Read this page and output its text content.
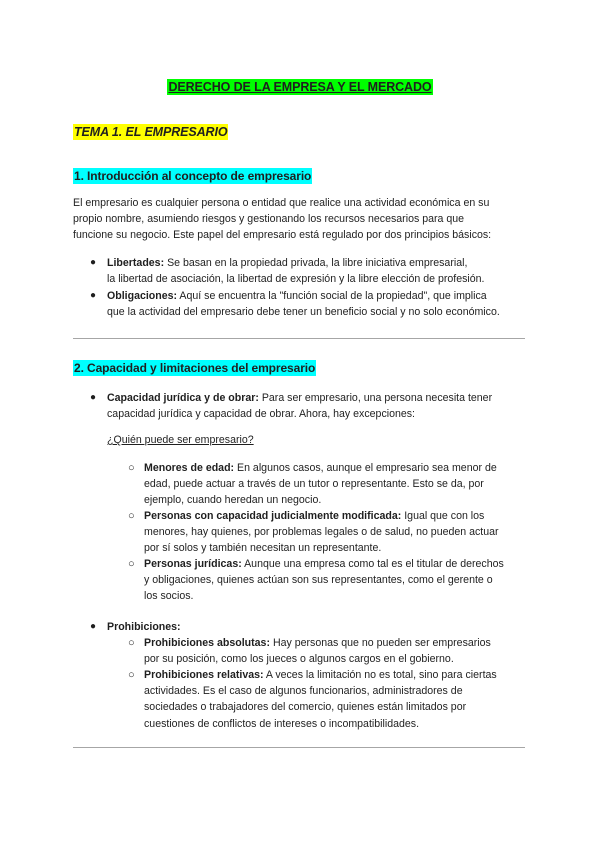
DERECHO DE LA EMPRESA Y EL MERCADO
TEMA 1. EL EMPRESARIO
1. Introducción al concepto de empresario
El empresario es cualquier persona o entidad que realice una actividad económica en su
propio nombre, asumiendo riesgos y gestionando los recursos necesarios para que
funcione su negocio. Este papel del empresario está regulado por dos principios básicos:
● Libertades: Se basan en la propiedad privada, la libre iniciativa empresarial,
la libertad de asociación, la libertad de expresión y la libre elección de profesión.
● Obligaciones: Aquí se encuentra la "función social de la propiedad", que implica
que la actividad del empresario debe tener un beneficio social y no solo económico.
2. Capacidad y limitaciones del empresario
● Capacidad jurídica y de obrar: Para ser empresario, una persona necesita tener
capacidad jurídica y capacidad de obrar. Ahora, hay excepciones:
¿Quién puede ser empresario?
○ Menores de edad: En algunos casos, aunque el empresario sea menor de
edad, puede actuar a través de un tutor o representante. Esto se da, por
ejemplo, cuando heredan un negocio.
○ Personas con capacidad judicialmente modificada: Igual que con los
menores, hay quienes, por problemas legales o de salud, no pueden actuar
por sí solos y también necesitan un representante.
○ Personas jurídicas: Aunque una empresa como tal es el titular de derechos
y obligaciones, quienes actúan son sus representantes, como el gerente o
los socios.
● Prohibiciones:
○ Prohibiciones absolutas: Hay personas que no pueden ser empresarios
por su posición, como los jueces o algunos cargos en el gobierno.
○ Prohibiciones relativas: A veces la limitación no es total, sino para ciertas
actividades. Es el caso de algunos funcionarios, administradores de
sociedades o trabajadores del comercio, quienes están limitados por
cuestiones de conflictos de intereses o incompatibilidades.
